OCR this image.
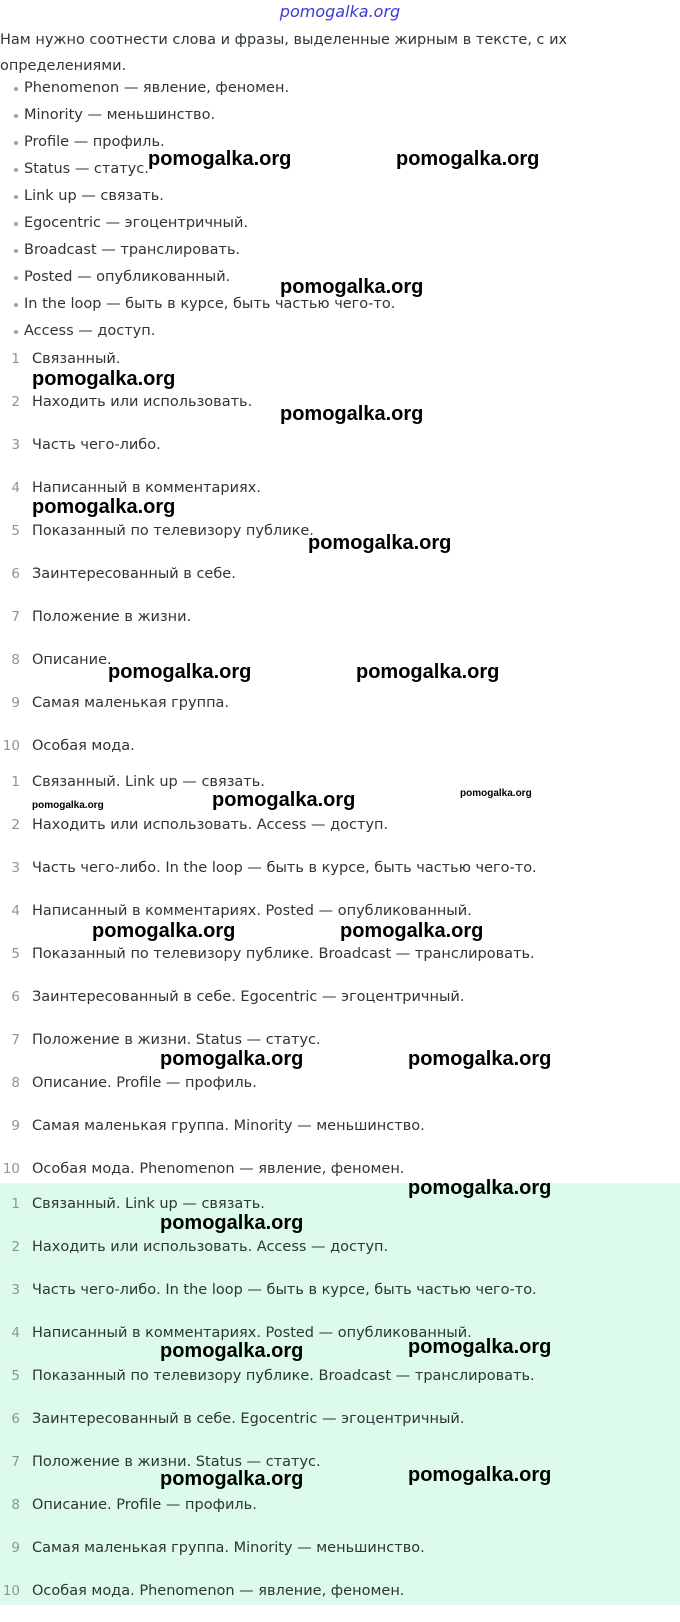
pomogalka.org
Нам нужно соотнести слова и фразы, выделенные жирным в тексте, с их определениями.
Phenomenon — явление, феномен.
Minority — меньшинство.
Profile — профиль.
Status — статус.
Link up — связать.
Egocentric — эгоцентричный.
Broadcast — транслировать.
Posted — опубликованный.
In the loop — быть в курсе, быть частью чего-то.
Access — доступ.
1 Связанный.
2 Находить или использовать.
3 Часть чего-либо.
4 Написанный в комментариях.
5 Показанный по телевизору публике.
6 Заинтересованный в себе.
7 Положение в жизни.
8 Описание.
9 Самая маленькая группа.
10 Особая мода.
1 Связанный. Link up — связать.
2 Находить или использовать. Access — доступ.
3 Часть чего-либо. In the loop — быть в курсе, быть частью чего-то.
4 Написанный в комментариях. Posted — опубликованный.
5 Показанный по телевизору публике. Broadcast — транслировать.
6 Заинтересованный в себе. Egocentric — эгоцентричный.
7 Положение в жизни. Status — статус.
8 Описание. Profile — профиль.
9 Самая маленькая группа. Minority — меньшинство.
10 Особая мода. Phenomenon — явление, феномен.
1 Связанный. Link up — связать.
2 Находить или использовать. Access — доступ.
3 Часть чего-либо. In the loop — быть в курсе, быть частью чего-то.
4 Написанный в комментариях. Posted — опубликованный.
5 Показанный по телевизору публике. Broadcast — транслировать.
6 Заинтересованный в себе. Egocentric — эгоцентричный.
7 Положение в жизни. Status — статус.
8 Описание. Profile — профиль.
9 Самая маленькая группа. Minority — меньшинство.
10 Особая мода. Phenomenon — явление, феномен.
pomogalka.org	pomogalka.org
pomogalka.org
pomogalka.org
pomogalka.org
pomogalka.org
pomogalka.org
pomogalka.org	pomogalka.org
pomogalka.org	pomogalka.org	pomogalka.org
pomogalka.org	pomogalka.org
pomogalka.org	pomogalka.org
pomogalka.org
pomogalka.org
pomogalka.org
pomogalka.org
pomogalka.org
pomogalka.org
